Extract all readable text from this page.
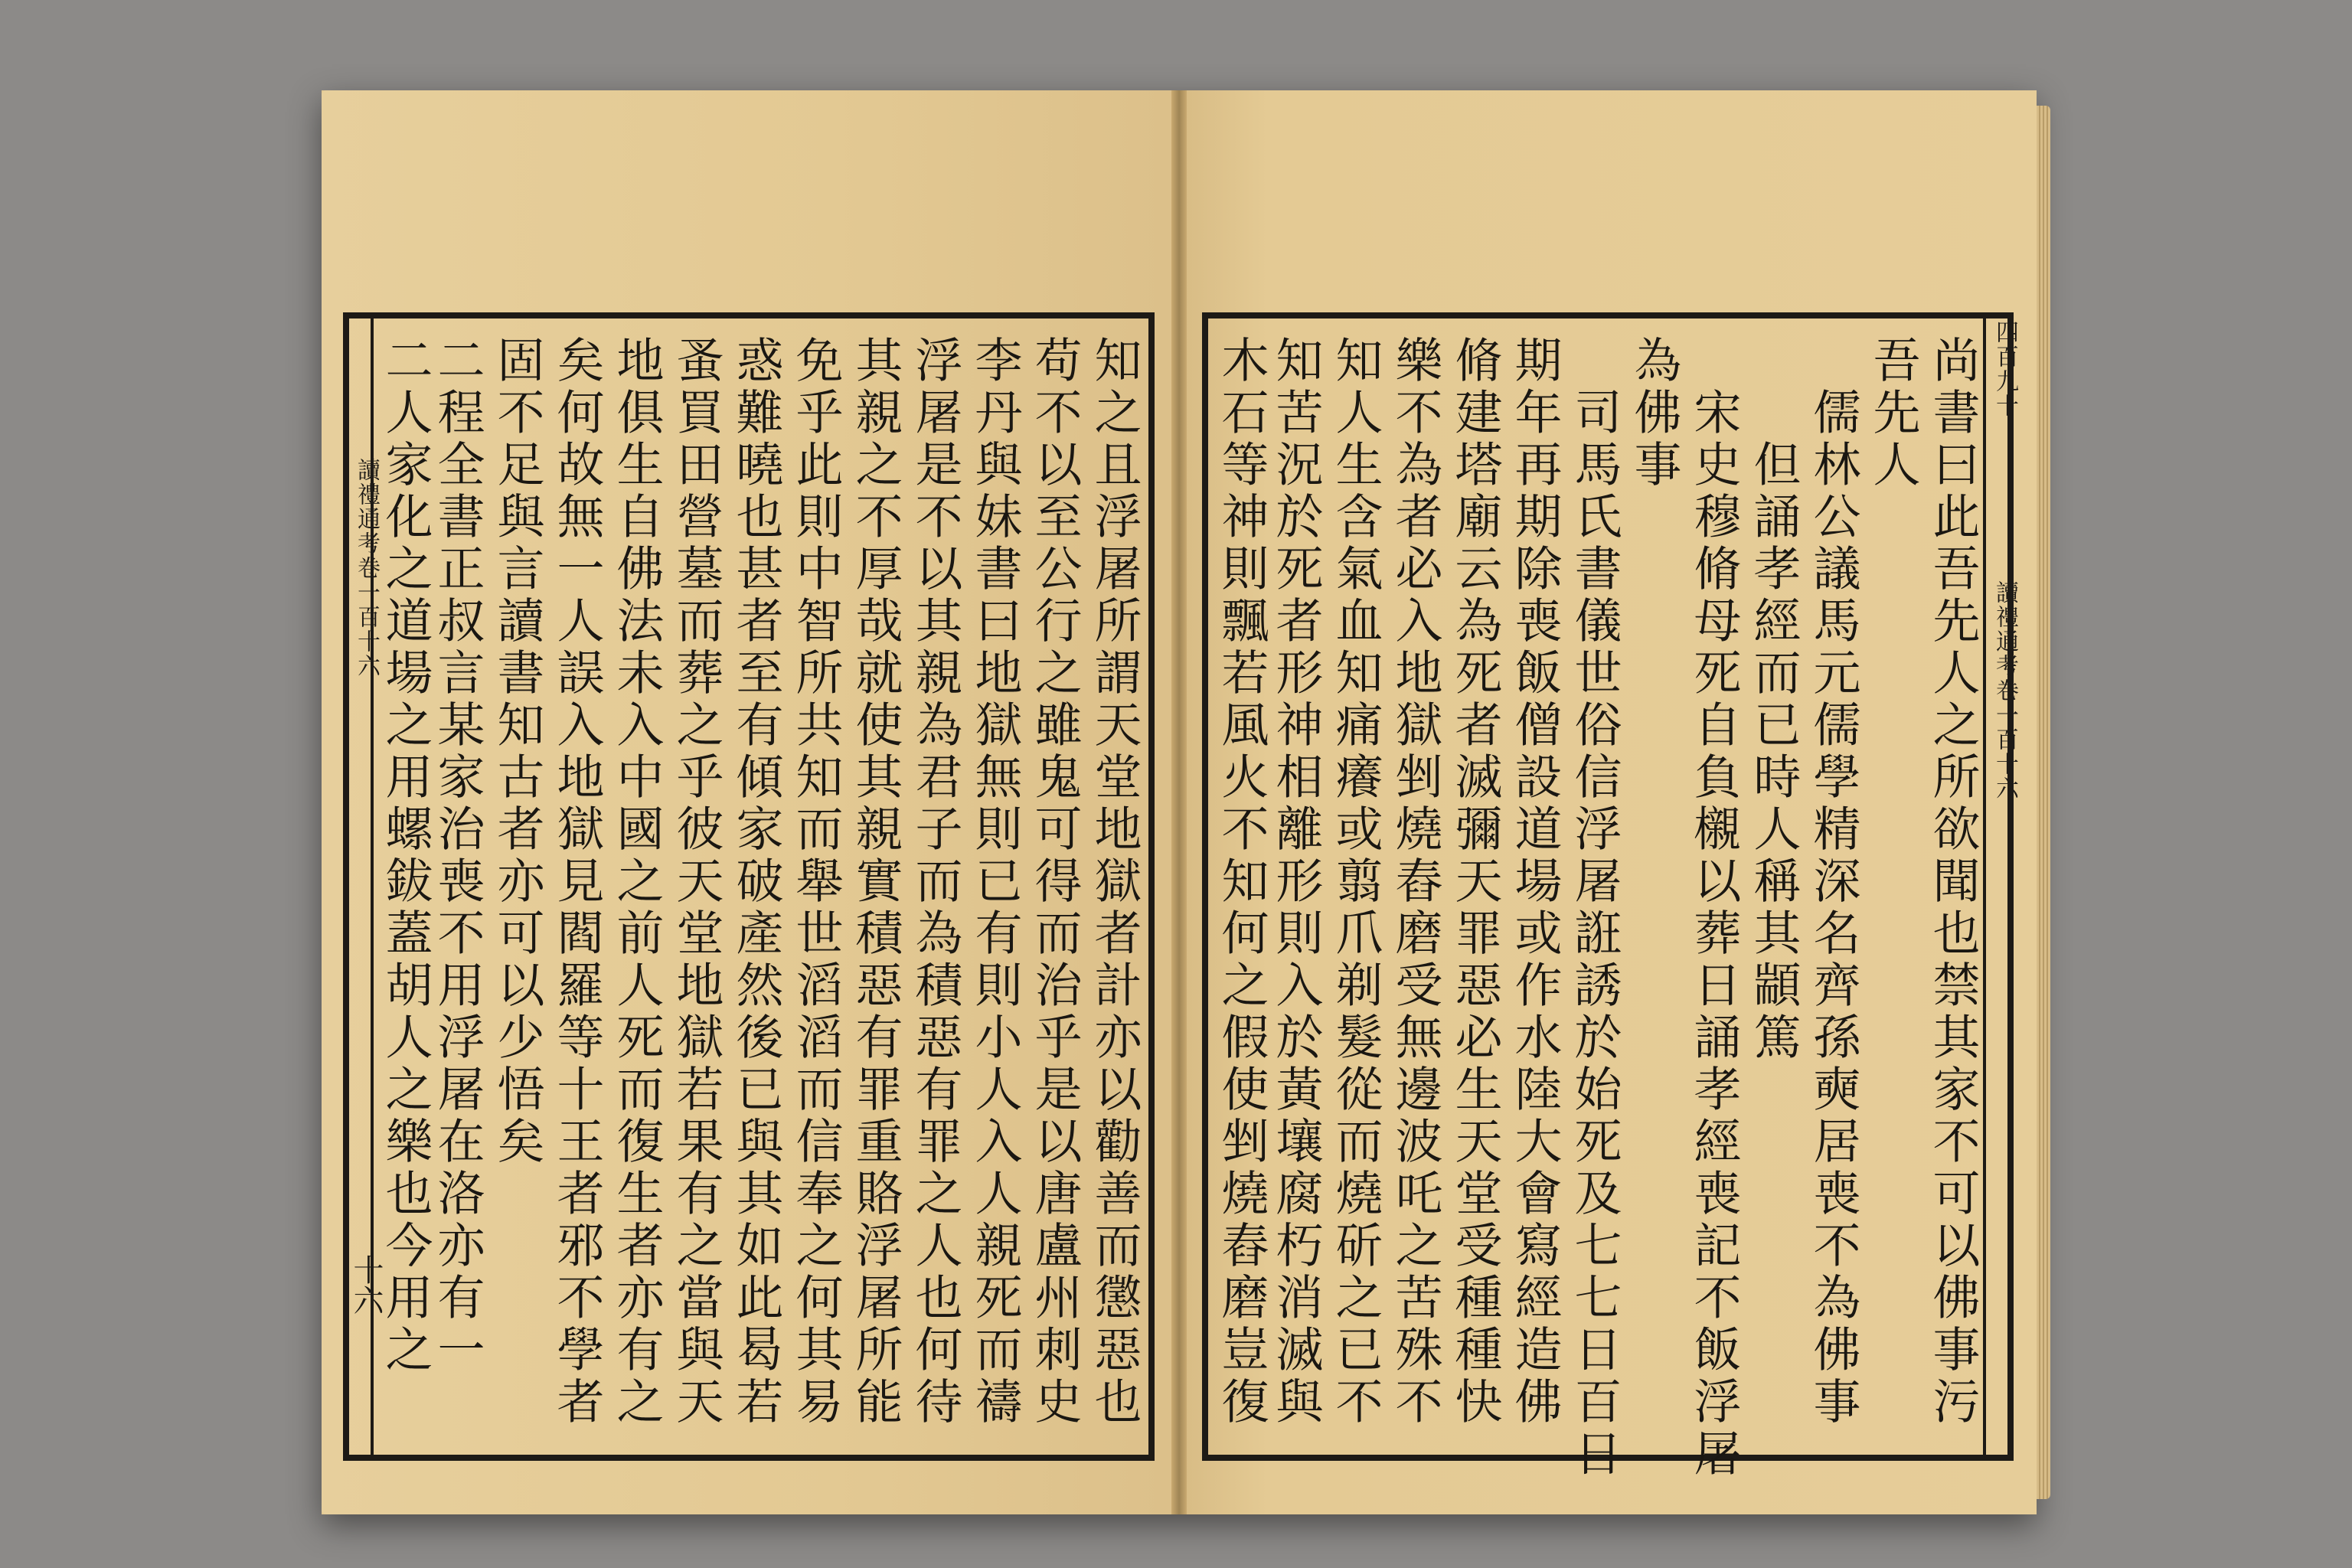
讀禮通考卷一百十六
十六	知之且浮屠所謂天堂地獄者計亦以勸善而懲惡也
苟不以至公行之雖鬼可得而治乎是以唐盧州刺史
李丹與妹書曰地獄無則已有則小人入人親死而禱
浮屠是不以其親為君子而為積惡有罪之人也何待
其親之不厚哉就使其親實積惡有罪重賂浮屠所能
免乎此則中智所共知而舉世滔滔而信奉之何其易
惑難曉也甚者至有傾家破產然後已與其如此曷若
蚤買田營墓而葬之乎彼天堂地獄若果有之當與天
地俱生自佛法未入中國之前人死而復生者亦有之
矣何故無一人誤入地獄見閻羅等十王者邪不學者
固不足與言讀書知古者亦可以少悟矣
二程全書正叔言某家治喪不用浮屠在洛亦有一
二人家化之道場之用螺鈸蓋胡人之樂也今用之	讀禮通考卷一百十六
四百九十
尚書曰此吾先人之所欲聞也禁其家不可以佛事污
吾先人
儒林公議馬元儒學精深名齊孫奭居喪不為佛事
但誦孝經而已時人稱其顓篤
宋史穆脩母死自負櫬以葬日誦孝經喪記不飯浮屠
為佛事
司馬氏書儀世俗信浮屠誑誘於始死及七七日百日
期年再期除喪飯僧設道場或作水陸大會寫經造佛
脩建塔廟云為死者滅彌天罪惡必生天堂受種種快
樂不為者必入地獄剉燒舂磨受無邊波吒之苦殊不
知人生含氣血知痛癢或翦爪剃髮從而燒斫之已不
知苦況於死者形神相離形則入於黃壤腐朽消滅與
木石等神則飄若風火不知何之假使剉燒舂磨豈復
